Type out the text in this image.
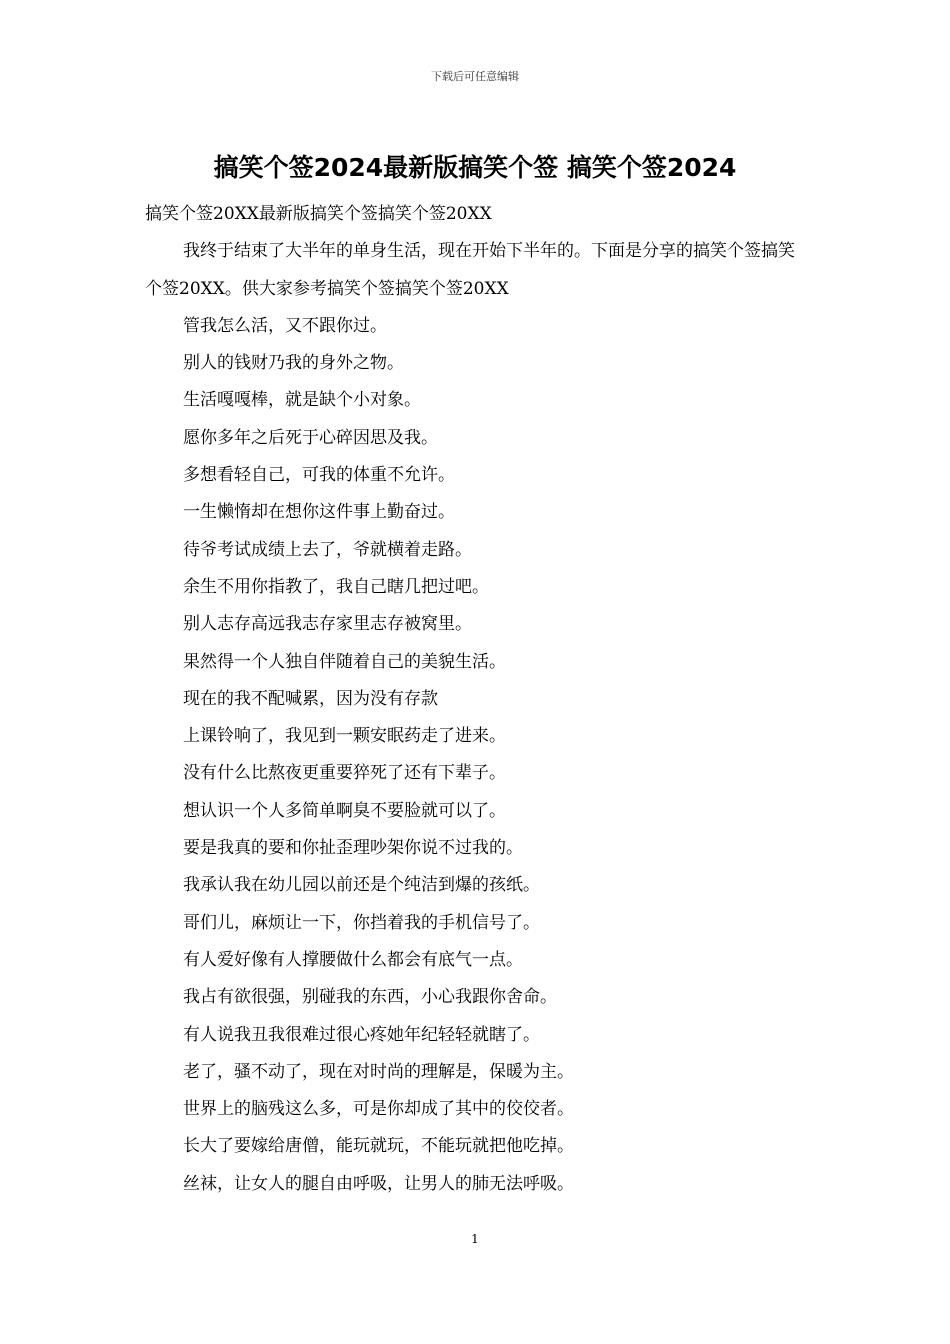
下载后可任意编辑
搞笑个签2024最新版搞笑个签 搞笑个签2024

搞笑个签20XX最新版搞笑个签搞笑个签20XX

我终于结束了大半年的单身生活，现在开始下半年的。下面是分享的搞笑个签搞笑个签20XX。供大家参考搞笑个签搞笑个签20XX

管我怎么活，又不跟你过。

别人的钱财乃我的身外之物。

生活嘎嘎棒，就是缺个小对象。

愿你多年之后死于心碎因思及我。

多想看轻自己，可我的体重不允许。

一生懒惰却在想你这件事上勤奋过。

待爷考试成绩上去了，爷就横着走路。

余生不用你指教了，我自己瞎几把过吧。

别人志存高远我志存家里志存被窝里。

果然得一个人独自伴随着自己的美貌生活。

现在的我不配喊累，因为没有存款

上课铃响了，我见到一颗安眠药走了进来。

没有什么比熬夜更重要猝死了还有下辈子。

想认识一个人多简单啊臭不要脸就可以了。

要是我真的要和你扯歪理吵架你说不过我的。

我承认我在幼儿园以前还是个纯洁到爆的孩纸。

哥们儿，麻烦让一下，你挡着我的手机信号了。

有人爱好像有人撑腰做什么都会有底气一点。

我占有欲很强，别碰我的东西，小心我跟你舍命。

有人说我丑我很难过很心疼她年纪轻轻就瞎了。

老了，骚不动了，现在对时尚的理解是，保暖为主。

世界上的脑残这么多，可是你却成了其中的佼佼者。

长大了要嫁给唐僧，能玩就玩，不能玩就把他吃掉。

丝袜，让女人的腿自由呼吸，让男人的肺无法呼吸。

1
